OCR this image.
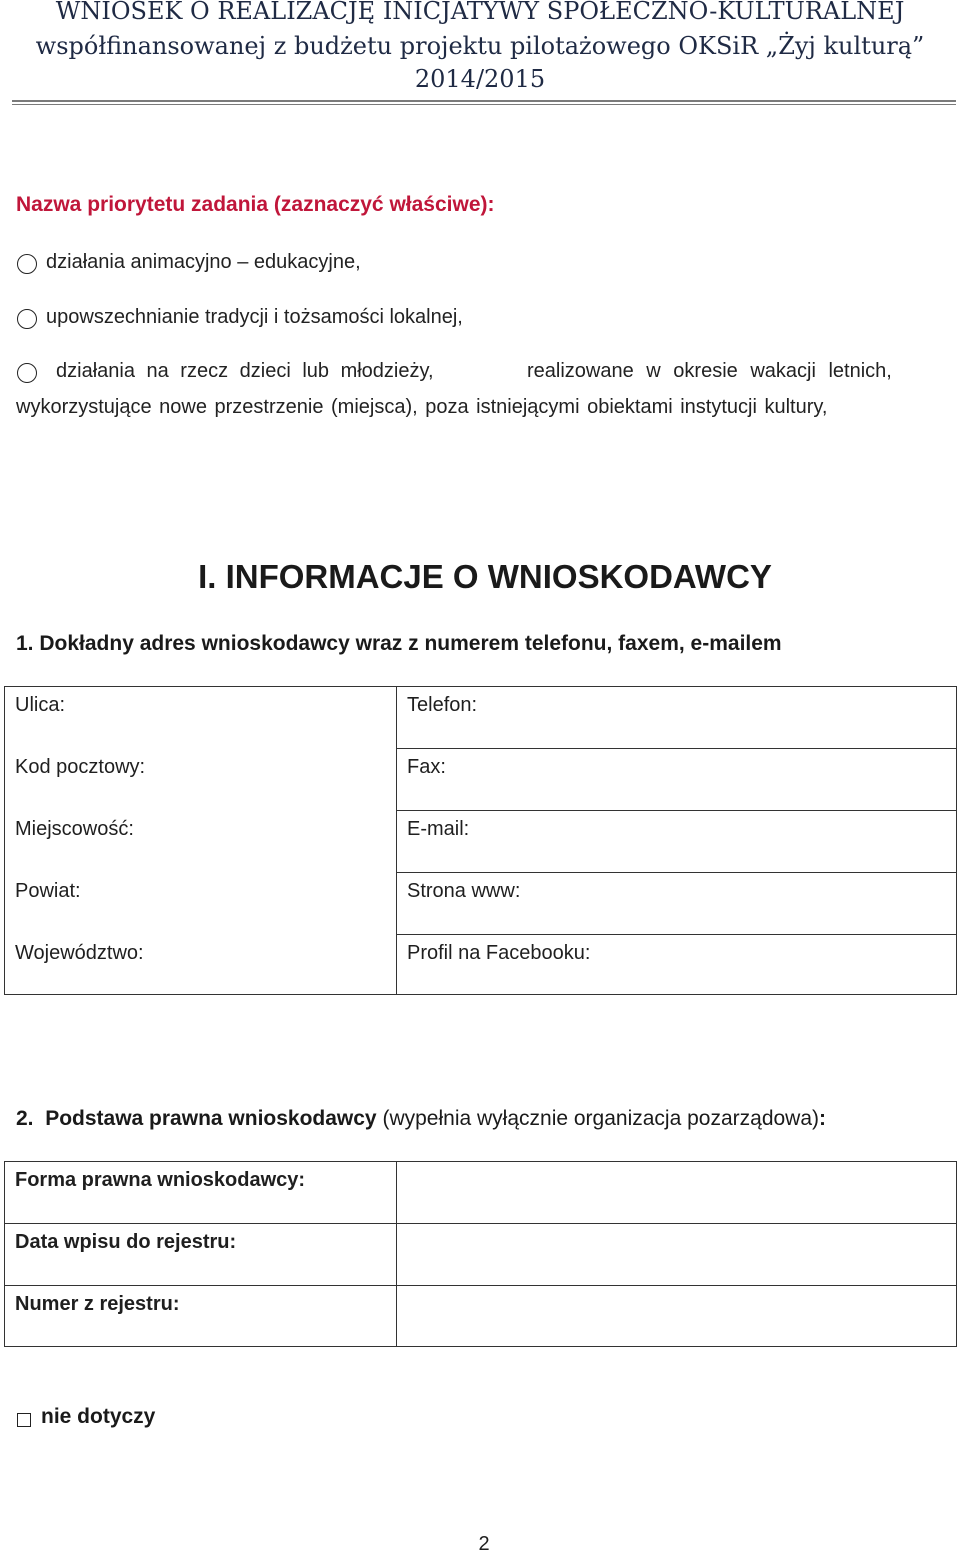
WNIOSEK O REALIZACJĘ INICJATYWY SPOŁECZNO-KULTURALNEJ
współfinansowanej z budżetu projektu pilotażowego OKSiR „Żyj kulturą”
2014/2015
Nazwa priorytetu zadania (zaznaczyć właściwe):
działania animacyjno – edukacyjne,
upowszechnianie tradycji i tożsamości lokalnej,
działania na rzecz dzieci lub młodzieży,	realizowane w okresie wakacji letnich,
wykorzystujące nowe przestrzenie (miejsca), poza istniejącymi obiektami instytucji kultury,
I. INFORMACJE O WNIOSKODAWCY
1. Dokładny adres wnioskodawcy wraz z numerem telefonu, faxem, e-mailem
Ulica:	Telefon:
Kod pocztowy:	Fax:
Miejscowość:	E-mail:
Powiat:	Strona www:
Województwo:	Profil na Facebooku:
2. Podstawa prawna wnioskodawcy (wypełnia wyłącznie organizacja pozarządowa):
Forma prawna wnioskodawcy:	
Data wpisu do rejestru:	
Numer z rejestru:	
nie dotyczy
2
